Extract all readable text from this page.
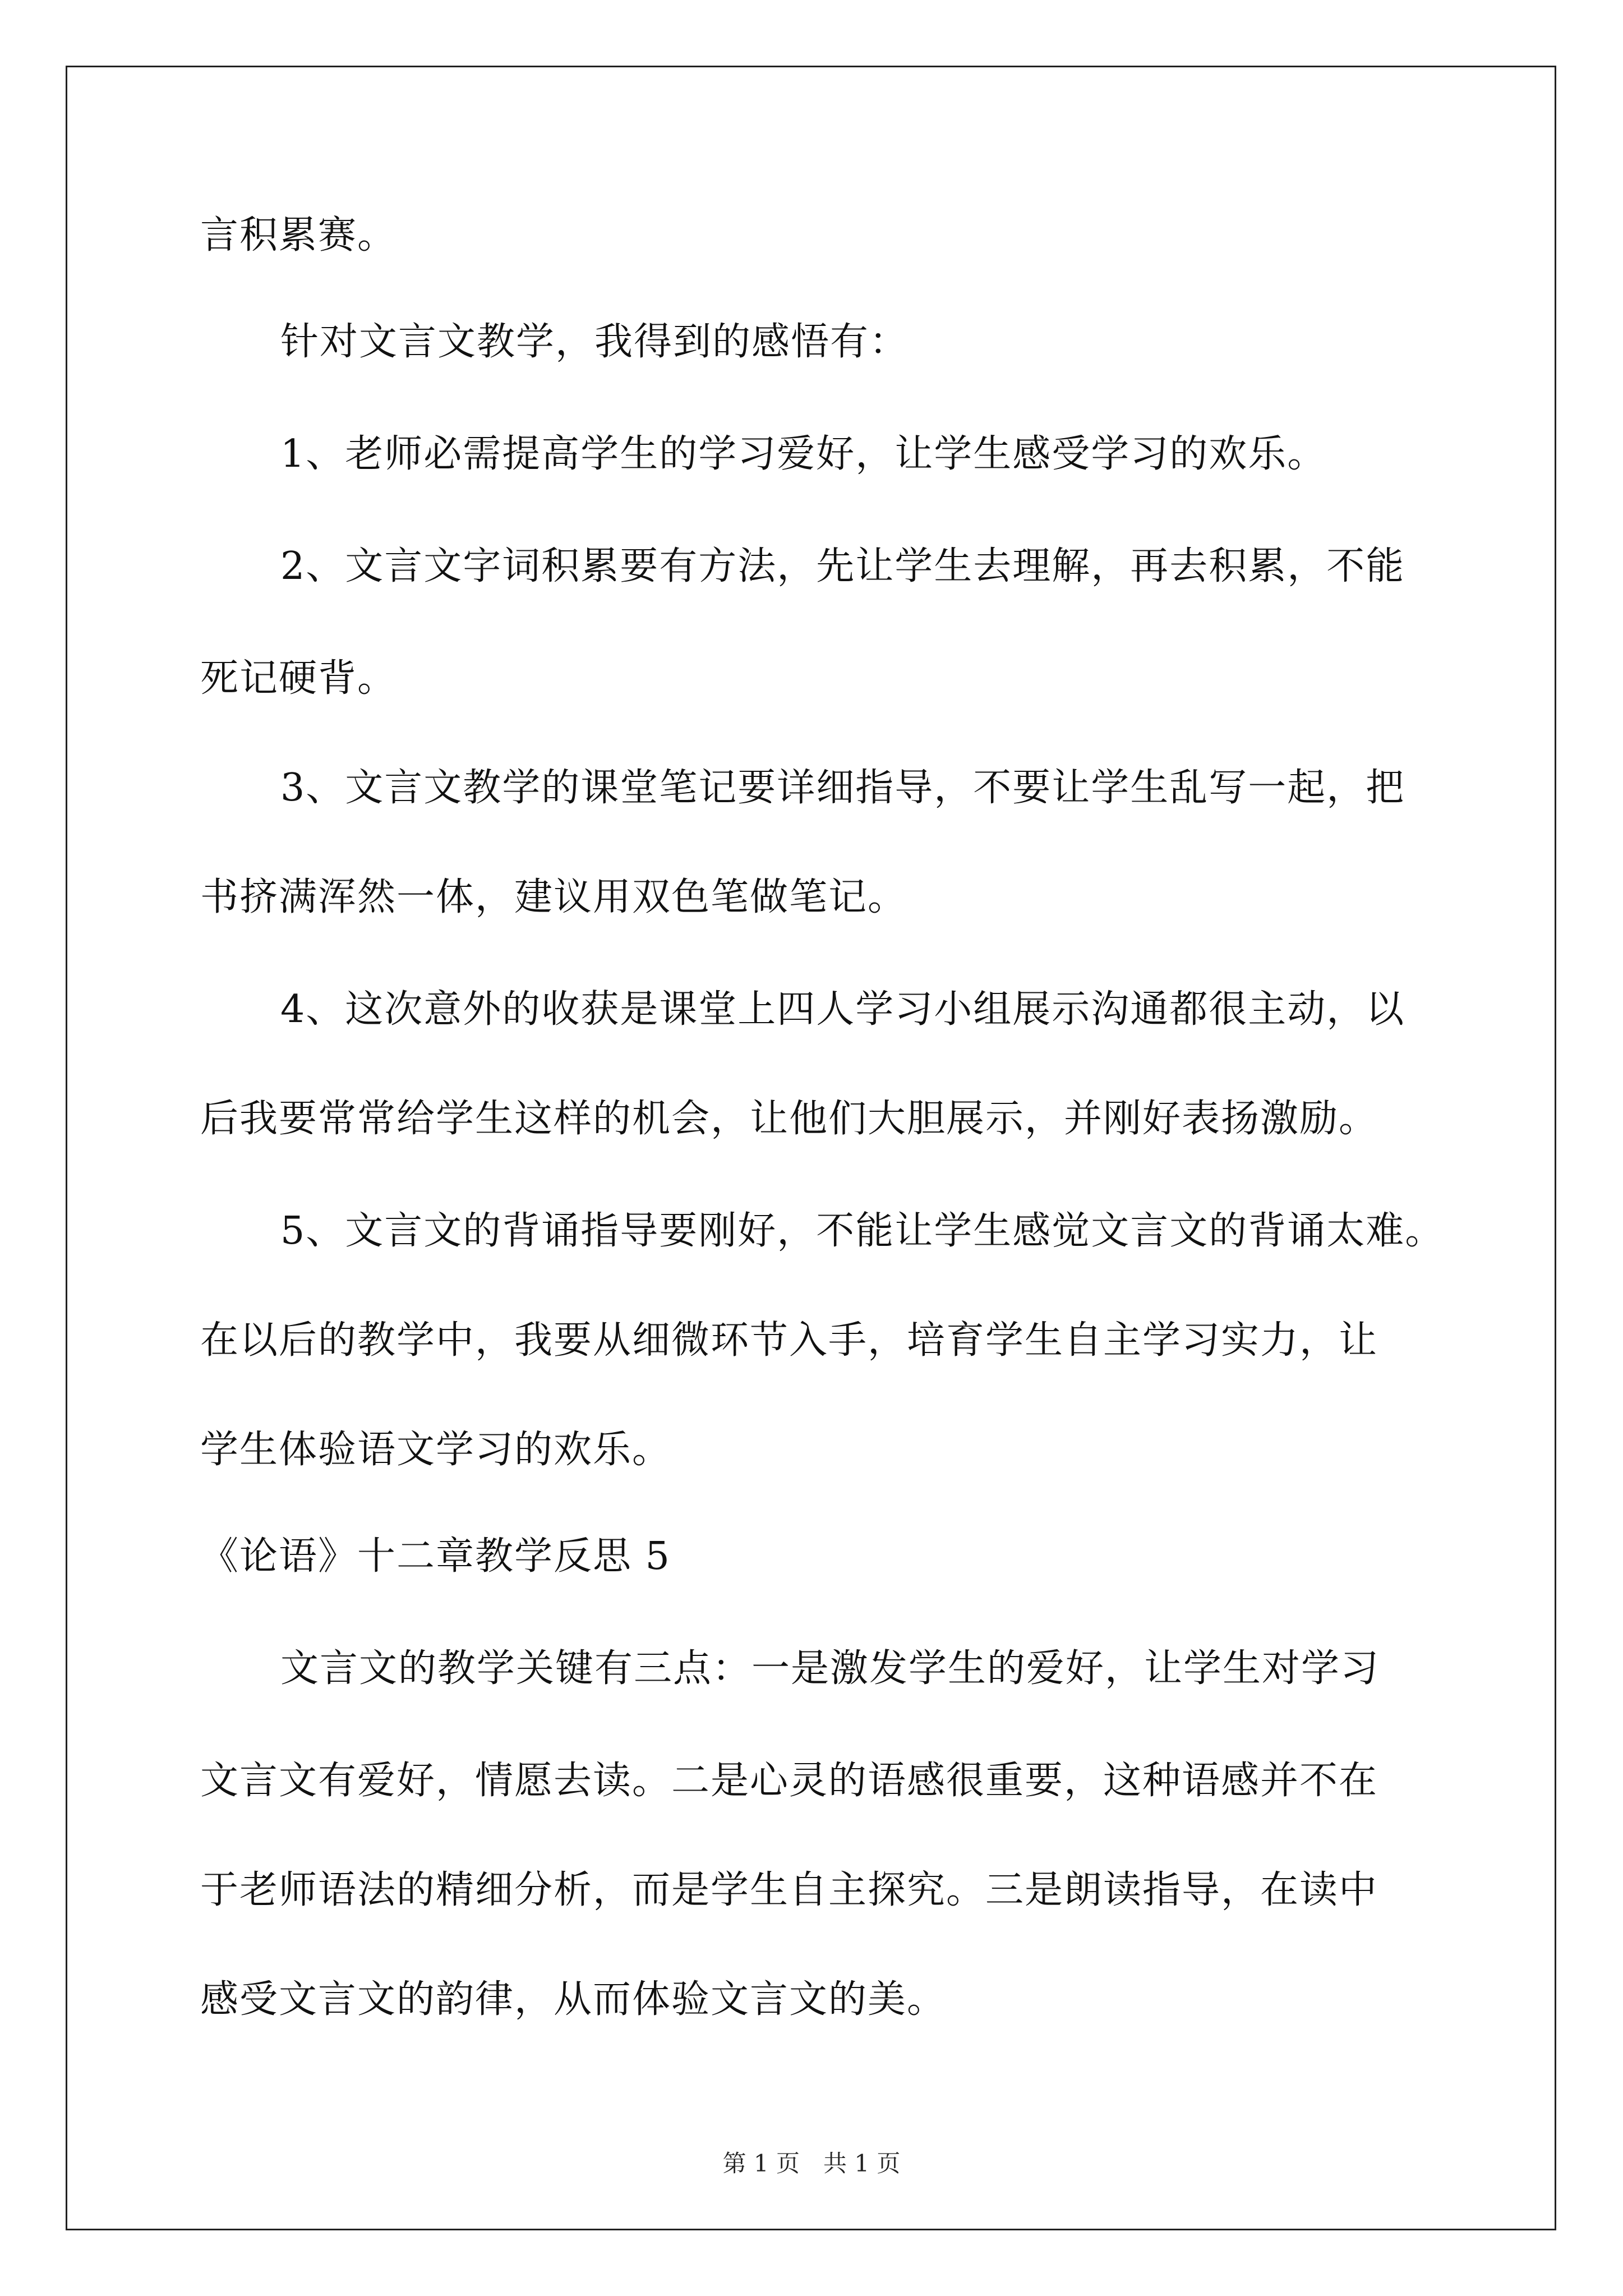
言积累赛。
针对文言文教学，我得到的感悟有：
1、老师必需提高学生的学习爱好，让学生感受学习的欢乐。
2、文言文字词积累要有方法，先让学生去理解，再去积累，不能
死记硬背。
3、文言文教学的课堂笔记要详细指导，不要让学生乱写一起，把
书挤满浑然一体，建议用双色笔做笔记。
4、这次意外的收获是课堂上四人学习小组展示沟通都很主动，以
后我要常常给学生这样的机会，让他们大胆展示，并刚好表扬激励。
5、文言文的背诵指导要刚好，不能让学生感觉文言文的背诵太难。
在以后的教学中，我要从细微环节入手，培育学生自主学习实力，让
学生体验语文学习的欢乐。
《论语》十二章教学反思 5
文言文的教学关键有三点：一是激发学生的爱好，让学生对学习
文言文有爱好，情愿去读。二是心灵的语感很重要，这种语感并不在
于老师语法的精细分析，而是学生自主探究。三是朗读指导，在读中
感受文言文的韵律，从而体验文言文的美。
第 1 页　共 1 页
